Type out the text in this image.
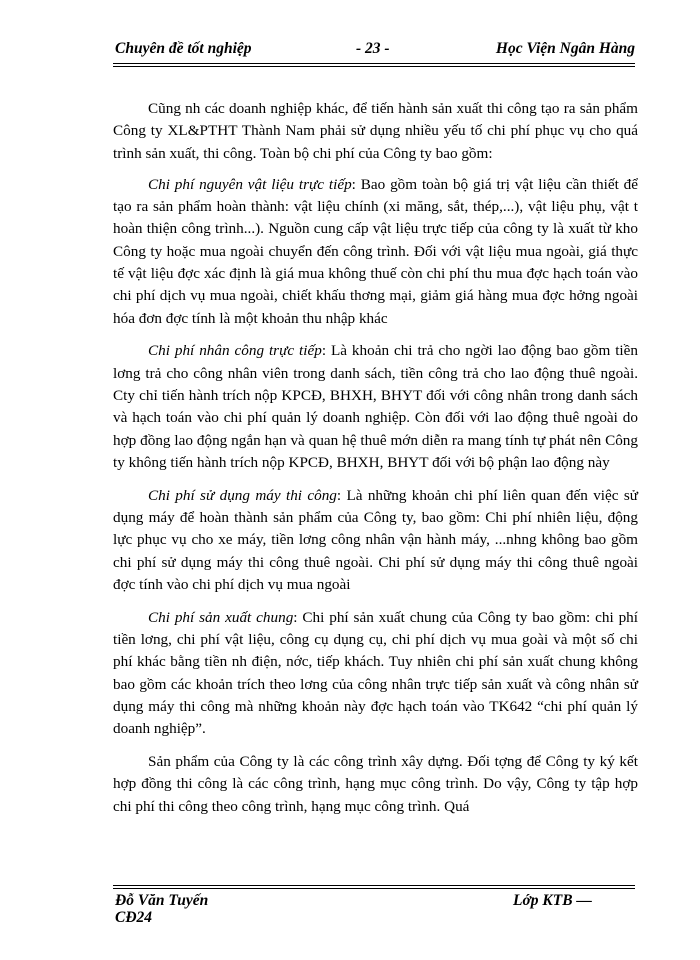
Chuyên đề tốt nghiệp	- 23 -	Học Viện Ngân Hàng

Cũng nh các doanh nghiệp khác, để tiến hành sản xuất thi công tạo ra sản phẩm Công ty XL&PTHT Thành Nam phải sử dụng nhiều yếu tố chi phí phục vụ cho quá trình sản xuất, thi công. Toàn bộ chi phí của Công ty bao gồm:

Chi phí nguyên vật liệu trực tiếp: Bao gồm toàn bộ giá trị vật liệu cần thiết để tạo ra sản phẩm hoàn thành: vật liệu chính (xi măng, sắt, thép,...), vật liệu phụ, vật t hoàn thiện công trình...). Nguồn cung cấp vật liệu trực tiếp của công ty là xuất từ kho Công ty hoặc mua ngoài chuyển đến công trình. Đối với vật liệu mua ngoài, giá thực tế vật liệu đợc xác định là giá mua không thuế còn chi phí thu mua đợc hạch toán vào chi phí dịch vụ mua ngoài, chiết khấu thơng mại, giảm giá hàng mua đợc hởng ngoài hóa đơn đợc tính là một khoản thu nhập khác

Chi phí nhân công trực tiếp: Là khoản chi trả cho ngời lao động bao gồm tiền lơng trả cho công nhân viên trong danh sách, tiền công trả cho lao động thuê ngoài. Cty chỉ tiến hành trích nộp KPCĐ, BHXH, BHYT đối với công nhân trong danh sách và hạch toán vào chi phí quản lý doanh nghiệp. Còn đối với lao động thuê ngoài do hợp đồng lao động ngắn hạn và quan hệ thuê mớn diễn ra mang tính tự phát nên Công ty không tiến hành trích nộp KPCĐ, BHXH, BHYT đối với bộ phận lao động này

Chi phí sử dụng máy thi công: Là những khoản chi phí liên quan đến việc sử dụng máy để hoàn thành sản phẩm của Công ty, bao gồm: Chi phí nhiên liệu, động lực phục vụ cho xe máy, tiền lơng công nhân vận hành máy, ...nhng không bao gồm chi phí sử dụng máy thi công thuê ngoài. Chi phí sử dụng máy thi công thuê ngoài đợc tính vào chi phí dịch vụ mua ngoài

Chi phí sản xuất chung: Chi phí sản xuất chung của Công ty bao gồm: chi phí tiền lơng, chi phí vật liệu, công cụ dụng cụ, chi phí dịch vụ mua goài và một số chi phí khác bằng tiền nh điện, nớc, tiếp khách. Tuy nhiên chi phí sản xuất chung không bao gồm các khoản trích theo lơng của công nhân trực tiếp sản xuất và công nhân sử dụng máy thi công mà những khoản này đợc hạch toán vào TK642 “chi phí quản lý doanh nghiệp”.

Sản phẩm của Công ty là các công trình xây dựng. Đối tợng để Công ty ký kết hợp đồng thi công là các công trình, hạng mục công trình. Do vậy, Công ty tập hợp chi phí thi công theo công trình, hạng mục công trình. Quá

Đỗ Văn Tuyến
CĐ24
Lớp KTB —
